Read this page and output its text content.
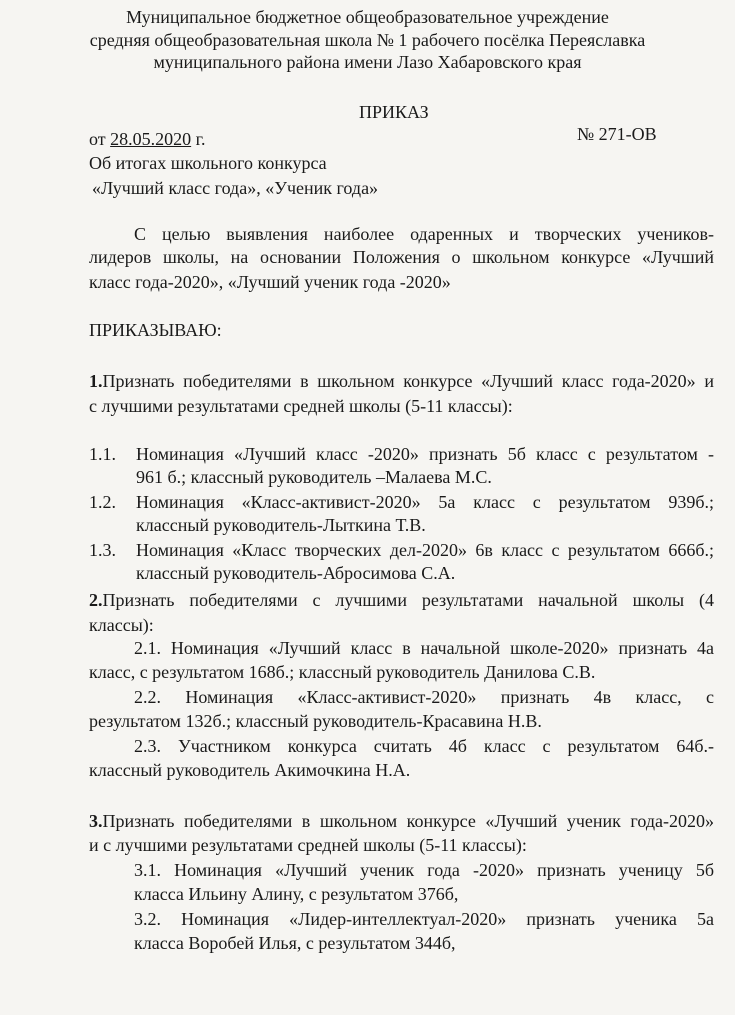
Муниципальное бюджетное общеобразовательное учреждение
средняя общеобразовательная школа № 1 рабочего посёлка Переяславка
муниципального района имени Лазо Хабаровского края
ПРИКАЗ
от 28.05.2020 г.	№ 271-ОВ
Об итогах школьного конкурса
«Лучший класс года», «Ученик года»
С целью выявления наиболее одаренных и творческих учеников-
лидеров школы, на основании Положения о школьном конкурсе «Лучший
класс года-2020», «Лучший ученик года -2020»
ПРИКАЗЫВАЮ:
1.Признать победителями в школьном конкурсе «Лучший класс года-2020» и
с лучшими результатами средней школы (5-11 классы):
1.1. Номинация «Лучший класс -2020» признать 5б класс с результатом -
961 б.; классный руководитель –Малаева М.С.
1.2. Номинация «Класс-активист-2020» 5а класс с результатом 939б.;
классный руководитель-Лыткина Т.В.
1.3. Номинация «Класс творческих дел-2020» 6в класс с результатом 666б.;
классный руководитель-Абросимова С.А.
2.Признать победителями с лучшими результатами начальной школы (4
классы):
2.1. Номинация «Лучший класс в начальной школе-2020» признать 4а
класс, с результатом 168б.; классный руководитель Данилова С.В.
2.2. Номинация «Класс-активист-2020» признать 4в класс, с
результатом 132б.; классный руководитель-Красавина Н.В.
2.3. Участником конкурса считать 4б класс с результатом 64б.-
классный руководитель Акимочкина Н.А.
3.Признать победителями в школьном конкурсе «Лучший ученик года-2020»
и с лучшими результатами средней школы (5-11 классы):
3.1. Номинация «Лучший ученик года -2020» признать ученицу 5б
класса Ильину Алину, с результатом 376б,
3.2. Номинация «Лидер-интеллектуал-2020» признать ученика 5а
класса Воробей Илья, с результатом 344б,
